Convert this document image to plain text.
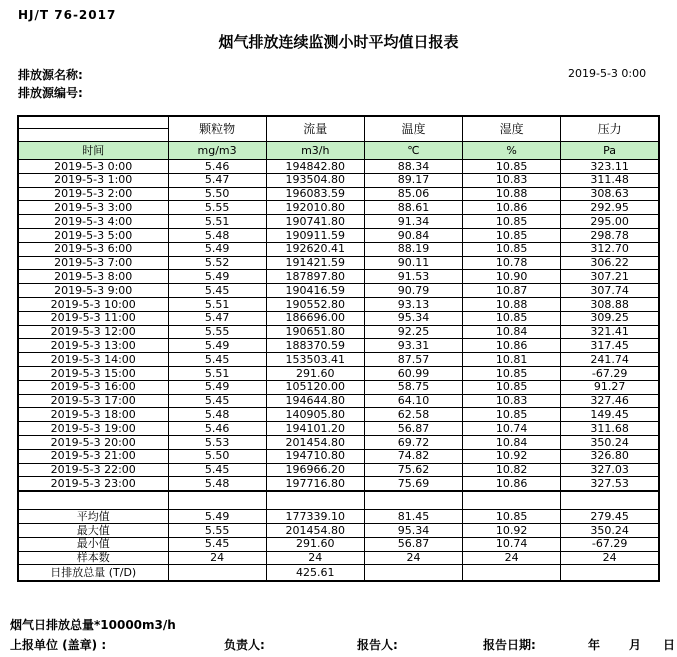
HJ/T 76-2017
烟气排放连续监测小时平均值日报表
排放源名称:	2019-5-3 0:00
排放源编号:
	颗粒物	流量	温度	湿度	压力
时间	mg/m3	m3/h	℃	%	Pa
2019-5-3 0:00	5.46	194842.80	88.34	10.85	323.11
2019-5-3 1:00	5.47	193504.80	89.17	10.83	311.48
2019-5-3 2:00	5.50	196083.59	85.06	10.88	308.63
2019-5-3 3:00	5.55	192010.80	88.61	10.86	292.95
2019-5-3 4:00	5.51	190741.80	91.34	10.85	295.00
2019-5-3 5:00	5.48	190911.59	90.84	10.85	298.78
2019-5-3 6:00	5.49	192620.41	88.19	10.85	312.70
2019-5-3 7:00	5.52	191421.59	90.11	10.78	306.22
2019-5-3 8:00	5.49	187897.80	91.53	10.90	307.21
2019-5-3 9:00	5.45	190416.59	90.79	10.87	307.74
2019-5-3 10:00	5.51	190552.80	93.13	10.88	308.88
2019-5-3 11:00	5.47	186696.00	95.34	10.85	309.25
2019-5-3 12:00	5.55	190651.80	92.25	10.84	321.41
2019-5-3 13:00	5.49	188370.59	93.31	10.86	317.45
2019-5-3 14:00	5.45	153503.41	87.57	10.81	241.74
2019-5-3 15:00	5.51	291.60	60.99	10.85	-67.29
2019-5-3 16:00	5.49	105120.00	58.75	10.85	91.27
2019-5-3 17:00	5.45	194644.80	64.10	10.83	327.46
2019-5-3 18:00	5.48	140905.80	62.58	10.85	149.45
2019-5-3 19:00	5.46	194101.20	56.87	10.74	311.68
2019-5-3 20:00	5.53	201454.80	69.72	10.84	350.24
2019-5-3 21:00	5.50	194710.80	74.82	10.92	326.80
2019-5-3 22:00	5.45	196966.20	75.62	10.82	327.03
2019-5-3 23:00	5.48	197716.80	75.69	10.86	327.53

平均值	5.49	177339.10	81.45	10.85	279.45
最大值	5.55	201454.80	95.34	10.92	350.24
最小值	5.45	291.60	56.87	10.74	-67.29
样本数	24	24	24	24	24
日排放总量 (T/D)		425.61			
烟气日排放总量*10000m3/h
上报单位 (盖章) :	负责人:	报告人:	报告日期:	年 月 日
